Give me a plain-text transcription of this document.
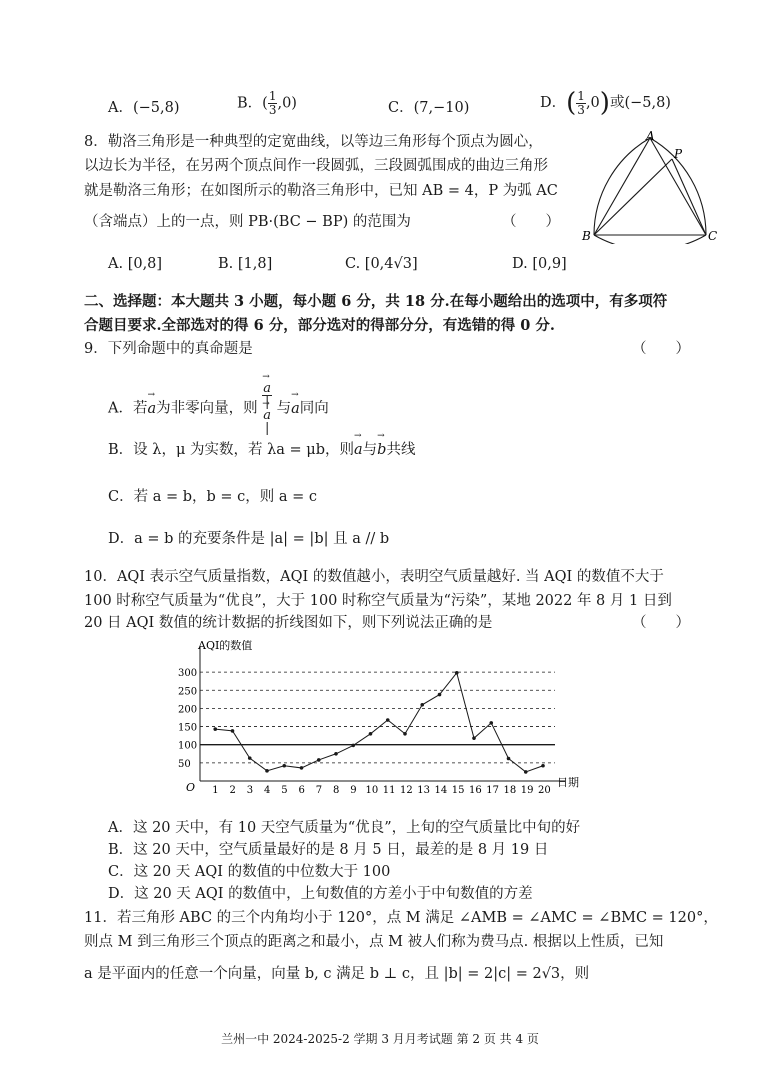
A．(−5,8)	B．( $\frac{1}{3} ,0$)	C．(7,−10)	D．( $\frac{1}{3} ,0$)或(−5,8)
8．勒洛三角形是一种典型的定宽曲线，以等边三角形每个顶点为圆心，
以边长为半径，在另两个顶点间作一段圆弧，三段圆弧围成的曲边三角形
就是勒洛三角形；在如图所示的勒洛三角形中，已知 AB = 4，P 为弧 AC
（含端点）上的一点，则 PB·(BC − BP) 的范围为	（　　）
A. [0,8]	B. [1,8]	C. [0,4√3]	D. [0,9]
A
P
B	C
二、选择题：本大题共 3 小题，每小题 6 分，共 18 分.在每小题给出的选项中，有多项符
合题目要求.全部选对的得 6 分，部分选对的得部分分，有选错的得 0 分.
9．下列命题中的真命题是	（　　）
A．若→ a为非零向量，则
→ a
|
→ a
| 与→ a同向
B．设 λ，μ 为实数，若 λa = μb，则→ a与→ b共线
C．若 a = b，b = c，则 a = c
D．a = b 的充要条件是 |a| = |b| 且 a // b
10．AQI 表示空气质量指数，AQI 的数值越小，表明空气质量越好. 当 AQI 的数值不大于
100 时称空气质量为“优良”，大于 100 时称空气质量为“污染”，某地 2022 年 8 月 1 日到
20 日 AQI 数值的统计数据的折线图如下，则下列说法正确的是	（　　）
AQI的数值
日期
O
50
100
150
200
250
300
1 2 3 4 5 6 7 8 9 10 11 12 13 14 15 16 17 18 19 20
A．这 20 天中，有 10 天空气质量为“优良”，上旬的空气质量比中旬的好
B．这 20 天中，空气质量最好的是 8 月 5 日，最差的是 8 月 19 日
C．这 20 天 AQI 的数值的中位数大于 100
D．这 20 天 AQI 的数值中，上旬数值的方差小于中旬数值的方差
11．若三角形 ABC 的三个内角均小于 120°，点 M 满足 ∠AMB = ∠AMC = ∠BMC = 120°，
则点 M 到三角形三个顶点的距离之和最小，点 M 被人们称为费马点. 根据以上性质，已知
a 是平面内的任意一个向量，向量 b, c 满足 b ⊥ c，且 |b| = 2|c| = 2√3，则
兰州一中 2024-2025-2 学期 3 月月考试题 第 2 页 共 4 页
